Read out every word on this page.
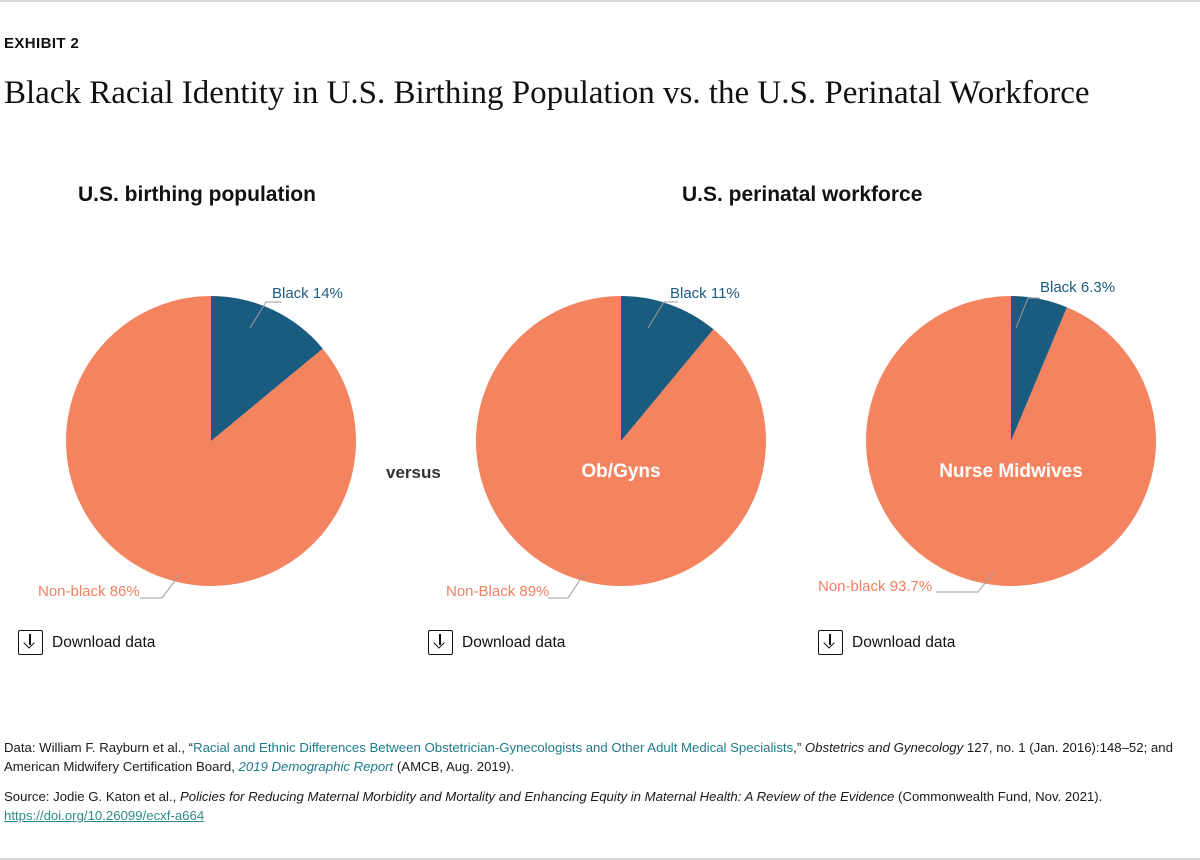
EXHIBIT 2
Black Racial Identity in U.S. Birthing Population vs. the U.S. Perinatal Workforce
U.S. birthing population	U.S. perinatal workforce
versus
Black 14%
Non-black 86%
Ob/Gyns
Black 11%
Non-Black 89%
Nurse Midwives
Black 6.3%
Non-black 93.7%
Download data	Download data	Download data
Data: William F. Rayburn et al., “Racial and Ethnic Differences Between Obstetrician-Gynecologists and Other Adult Medical Specialists,” Obstetrics and Gynecology 127, no. 1 (Jan. 2016):148–52; and American Midwifery Certification Board, 2019 Demographic Report (AMCB, Aug. 2019).
Source: Jodie G. Katon et al., Policies for Reducing Maternal Morbidity and Mortality and Enhancing Equity in Maternal Health: A Review of the Evidence (Commonwealth Fund, Nov. 2021).
https://doi.org/10.26099/ecxf-a664
